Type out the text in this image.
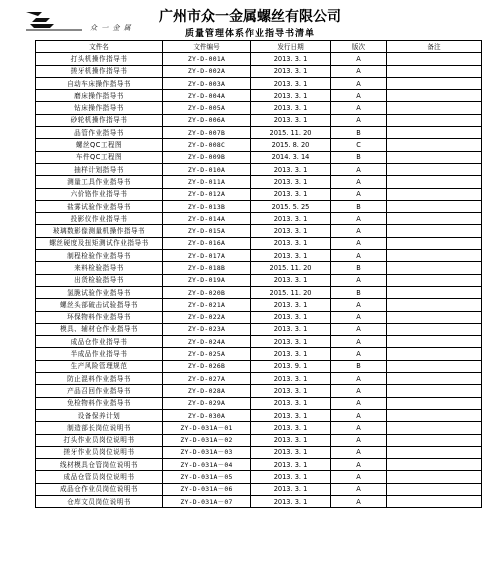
众 一 金 属
广州市众一金属螺丝有限公司
质量管理体系作业指导书清单
文件名	文件编号	发行日期	版次	备注
打头机操作指导书	ZY-D-001A	2013. 3. 1	A	
搓牙机操作指导书	ZY-D-002A	2013. 3. 1	A	
自动车床操作指导书	ZY-D-003A	2013. 3. 1	A	
磨床操作指导书	ZY-D-004A	2013. 3. 1	A	
钻床操作指导书	ZY-D-005A	2013. 3. 1	A	
砂轮机操作指导书	ZY-D-006A	2013. 3. 1	A	
品管作业指导书	ZY-D-007B	2015. 11. 20	B	
螺丝QC工程图	ZY-D-008C	2015. 8. 20	C	
车件QC工程图	ZY-D-009B	2014. 3. 14	B	
抽样计划指导书	ZY-D-010A	2013. 3. 1	A	
测量工具作业指导书	ZY-D-011A	2013. 3. 1	A	
六价铬作业指导书	ZY-D-012A	2013. 3. 1	A	
盐雾试验作业指导书	ZY-D-013B	2015. 5. 25	B	
投影仪作业指导书	ZY-D-014A	2013. 3. 1	A	
玻璃数影像测量机操作指导书	ZY-D-015A	2013. 3. 1	A	
螺丝硬度及扭矩测试作业指导书	ZY-D-016A	2013. 3. 1	A	
制程检验作业指导书	ZY-D-017A	2013. 3. 1	A	
来料检验指导书	ZY-D-018B	2015. 11. 20	B	
出货检验指导书	ZY-D-019A	2013. 3. 1	A	
氢脆试验作业指导书	ZY-D-020B	2015. 11. 20	B	
螺丝头部破击试验指导书	ZY-D-021A	2013. 3. 1	A	
环保物料作业指导书	ZY-D-022A	2013. 3. 1	A	
模具、辅材仓作业指导书	ZY-D-023A	2013. 3. 1	A	
成品仓作业指导书	ZY-D-024A	2013. 3. 1	A	
半成品作业指导书	ZY-D-025A	2013. 3. 1	A	
生产风险管理规范	ZY-D-026B	2013. 9. 1	B	
防止混料作业指导书	ZY-D-027A	2013. 3. 1	A	
产品召回作业指导书	ZY-D-028A	2013. 3. 1	A	
免检物料作业指导书	ZY-D-029A	2013. 3. 1	A	
设备保养计划	ZY-D-030A	2013. 3. 1	A	
制造部长岗位说明书	ZY-D-031A－01	2013. 3. 1	A	
打头作业员岗位说明书	ZY-D-031A－02	2013. 3. 1	A	
搓牙作业员岗位说明书	ZY-D-031A－03	2013. 3. 1	A	
线材模具仓管岗位说明书	ZY-D-031A－04	2013. 3. 1	A	
成品仓管员岗位说明书	ZY-D-031A－05	2013. 3. 1	A	
成品仓作业员岗位说明书	ZY-D-031A－06	2013. 3. 1	A	
仓库文员岗位说明书	ZY-D-031A－07	2013. 3. 1	A	
